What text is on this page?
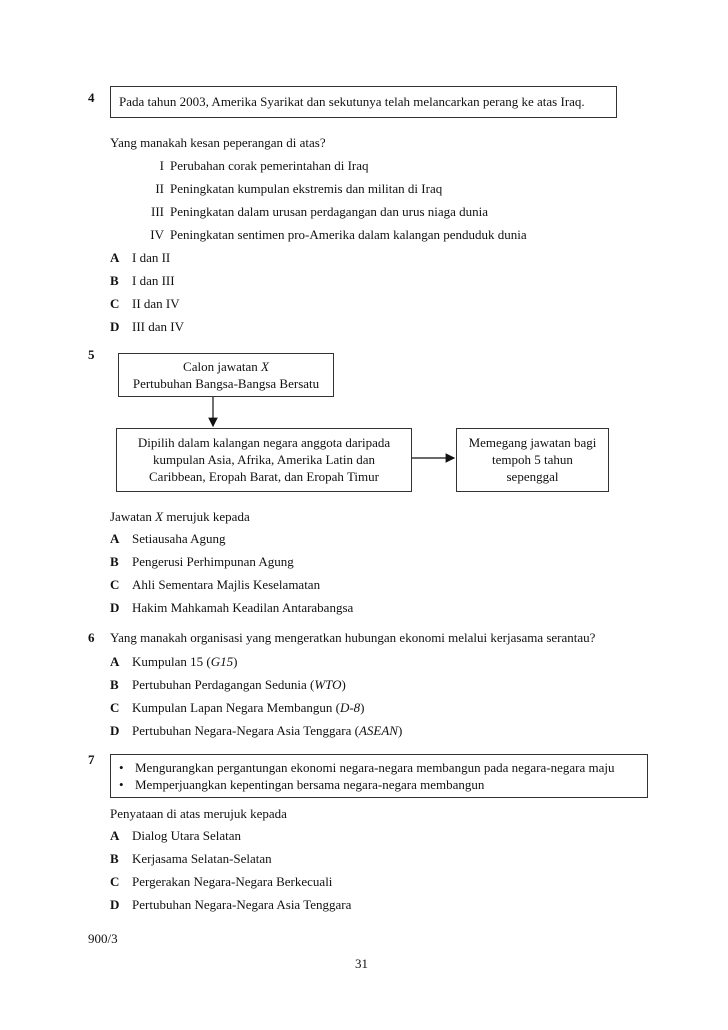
4 Pada tahun 2003, Amerika Syarikat dan sekutunya telah melancarkan perang ke atas Iraq.
Yang manakah kesan peperangan di atas?
I Perubahan corak pemerintahan di Iraq
II Peningkatan kumpulan ekstremis dan militan di Iraq
III Peningkatan dalam urusan perdagangan dan urus niaga dunia
IV Peningkatan sentimen pro-Amerika dalam kalangan penduduk dunia
A I dan II
B I dan III
C II dan IV
D III dan IV
5
Calon jawatan X
Pertubuhan Bangsa-Bangsa Bersatu
Dipilih dalam kalangan negara anggota daripada
kumpulan Asia, Afrika, Amerika Latin dan
Caribbean, Eropah Barat, dan Eropah Timur
Memegang jawatan bagi
tempoh 5 tahun
sepenggal
Jawatan X merujuk kepada
A Setiausaha Agung
B Pengerusi Perhimpunan Agung
C Ahli Sementara Majlis Keselamatan
D Hakim Mahkamah Keadilan Antarabangsa
6 Yang manakah organisasi yang mengeratkan hubungan ekonomi melalui kerjasama serantau?
A Kumpulan 15 (G15)
B Pertubuhan Perdagangan Sedunia (WTO)
C Kumpulan Lapan Negara Membangun (D-8)
D Pertubuhan Negara-Negara Asia Tenggara (ASEAN)
7
• Mengurangkan pergantungan ekonomi negara-negara membangun pada negara-negara maju
• Memperjuangkan kepentingan bersama negara-negara membangun
Penyataan di atas merujuk kepada
A Dialog Utara Selatan
B Kerjasama Selatan-Selatan
C Pergerakan Negara-Negara Berkecuali
D Pertubuhan Negara-Negara Asia Tenggara
900/3
31
